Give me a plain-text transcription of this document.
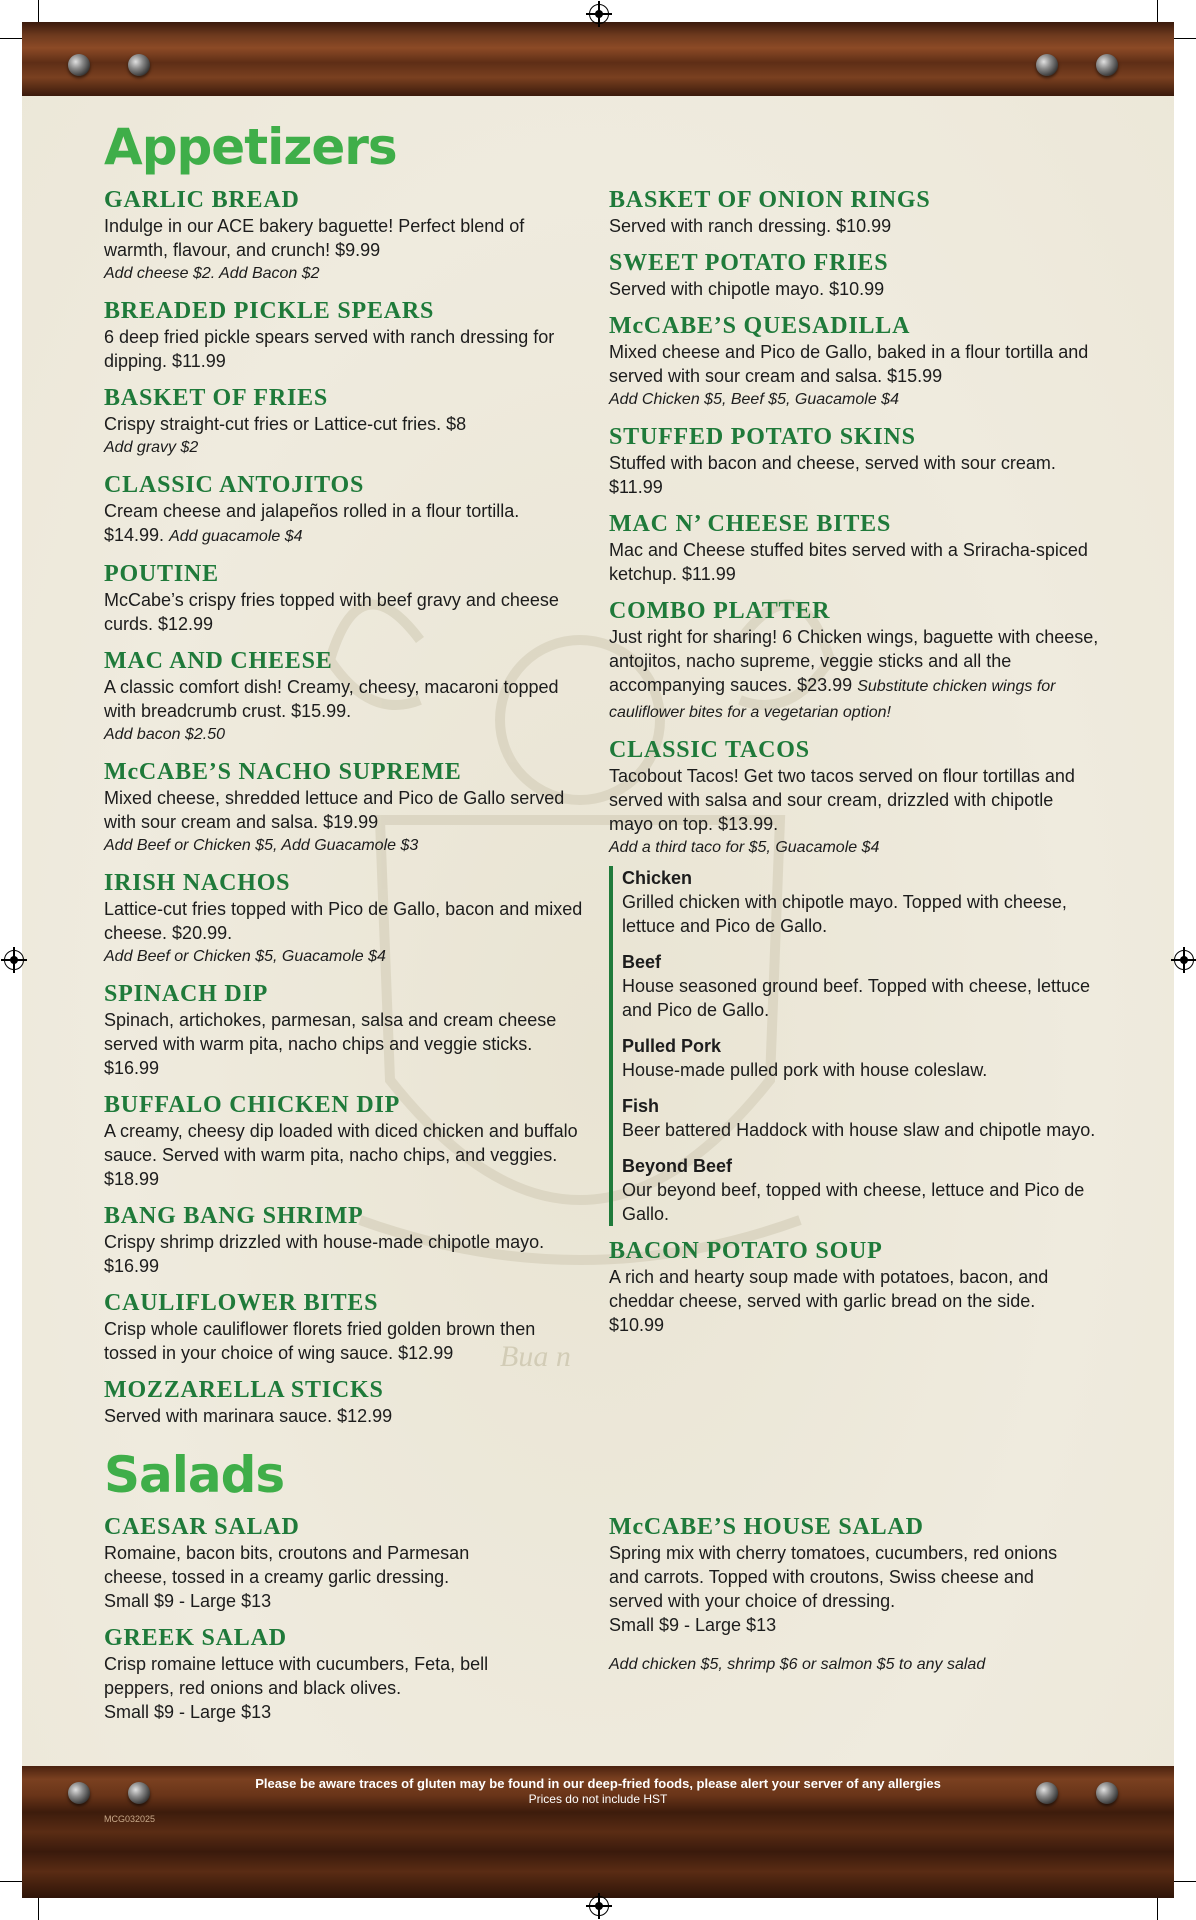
Bua n
Appetizers
GARLIC BREAD

Indulge in our ACE bakery baguette! Perfect blend of warmth, flavour, and crunch! $9.99

Add cheese $2. Add Bacon $2

BREADED PICKLE SPEARS

6 deep fried pickle spears served with ranch dressing for dipping. $11.99

BASKET OF FRIES

Crispy straight-cut fries or Lattice-cut fries. $8

Add gravy $2

CLASSIC ANTOJITOS

Cream cheese and jalapeños rolled in a flour tortilla. $14.99. Add guacamole $4

POUTINE

McCabe’s crispy fries topped with beef gravy and cheese curds. $12.99

MAC AND CHEESE

A classic comfort dish! Creamy, cheesy, macaroni topped with breadcrumb crust. $15.99.

Add bacon $2.50

McCABE’S NACHO SUPREME

Mixed cheese, shredded lettuce and Pico de Gallo served with sour cream and salsa. $19.99

Add Beef or Chicken $5, Add Guacamole $3

IRISH NACHOS

Lattice-cut fries topped with Pico de Gallo, bacon and mixed cheese. $20.99.

Add Beef or Chicken $5, Guacamole $4

SPINACH DIP

Spinach, artichokes, parmesan, salsa and cream cheese served with warm pita, nacho chips and veggie sticks. $16.99

BUFFALO CHICKEN DIP

A creamy, cheesy dip loaded with diced chicken and buffalo sauce. Served with warm pita, nacho chips, and veggies. $18.99

BANG BANG SHRIMP

Crispy shrimp drizzled with house-made chipotle mayo. $16.99

CAULIFLOWER BITES

Crisp whole cauliflower florets fried golden brown then tossed in your choice of wing sauce. $12.99

MOZZARELLA STICKS

Served with marinara sauce. $12.99

BASKET OF ONION RINGS

Served with ranch dressing. $10.99

SWEET POTATO FRIES

Served with chipotle mayo. $10.99

McCABE’S QUESADILLA

Mixed cheese and Pico de Gallo, baked in a flour tortilla and served with sour cream and salsa. $15.99

Add Chicken $5, Beef $5, Guacamole $4

STUFFED POTATO SKINS

Stuffed with bacon and cheese, served with sour cream. $11.99

MAC N’ CHEESE BITES

Mac and Cheese stuffed bites served with a Sriracha-spiced ketchup. $11.99

COMBO PLATTER

Just right for sharing! 6 Chicken wings, baguette with cheese, antojitos, nacho supreme, veggie sticks and all the accompanying sauces. $23.99 Substitute chicken wings for cauliflower bites for a vegetarian option!

CLASSIC TACOS

Tacobout Tacos! Get two tacos served on flour tortillas and served with salsa and sour cream, drizzled with chipotle mayo on top. $13.99.

Add a third taco for $5, Guacamole $4

Chicken

Grilled chicken with chipotle mayo. Topped with cheese, lettuce and Pico de Gallo.

Beef

House seasoned ground beef. Topped with cheese, lettuce and Pico de Gallo.

Pulled Pork

House-made pulled pork with house coleslaw.

Fish

Beer battered Haddock with house slaw and chipotle mayo.

Beyond Beef

Our beyond beef, topped with cheese, lettuce and Pico de Gallo.

BACON POTATO SOUP

A rich and hearty soup made with potatoes, bacon, and cheddar cheese, served with garlic bread on the side. $10.99

Salads
CAESAR SALAD

Romaine, bacon bits, croutons and Parmesan cheese, tossed in a creamy garlic dressing.

Small $9 - Large $13

GREEK SALAD

Crisp romaine lettuce with cucumbers, Feta, bell peppers, red onions and black olives.

Small $9 - Large $13

McCABE’S HOUSE SALAD

Spring mix with cherry tomatoes, cucumbers, red onions and carrots. Topped with croutons, Swiss cheese and served with your choice of dressing.

Small $9 - Large $13

Add chicken $5, shrimp $6 or salmon $5 to any salad

Please be aware traces of gluten may be found in our deep-fried foods, please alert your server of any allergies
Prices do not include HST
MCG032025
